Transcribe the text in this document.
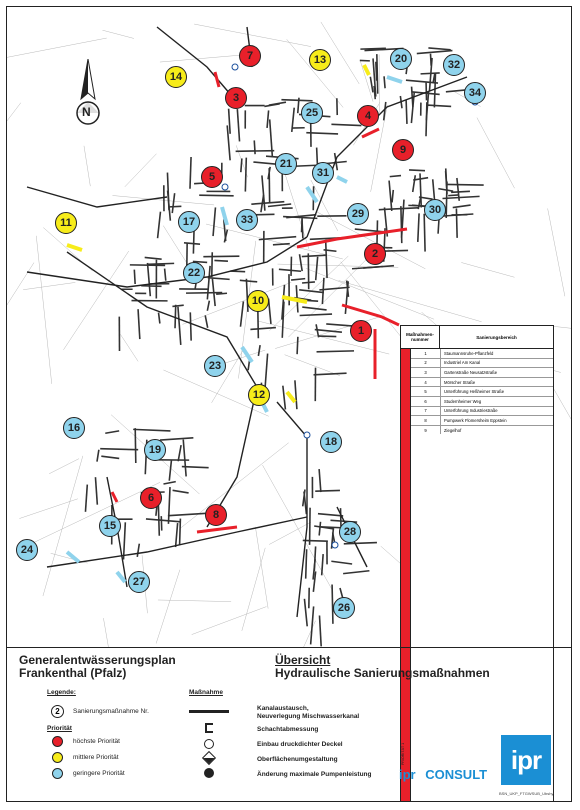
N
1
2
3
4
5
6
7
8
9
10
11
12
13
14
15
16
17
18
19
20
21
22
23
24
25
26
27
28
29	30
31
32
33
34
Maßnahmen-nummer	Sanierungsbereich
PRIORITÄT 1
1	Staumannsruhe-Pflanzfeld
2	Industriel Am Kanal
3	Gartenstraße Neusatzstraße
4	Mörscher Straße
5	Unterführung Heßheimer Straße
6	Studernheimer Weg
7	Unterführung Industriestraße
8	Pumpwerk Flomersheim Eppstein
9	Ziegelhof
Generalentwässerungsplan
Frankenthal (Pfalz)
Übersicht
Hydraulische Sanierungsmaßnahmen
Legende:
2	Sanierungsmaßnahme Nr.
Priorität
höchste Priorität
mittlere Priorität
geringere Priorität
Maßnahme
Kanalaustausch,
Neuverlegung Mischwasserkanal
Schachtabmessung
Einbau druckdichter Deckel
Oberflächenumgestaltung
Änderung maximale Pumpenleistung ipr CONSULT ipr
BSN_UKP_FTGWSUB_Ubshy
